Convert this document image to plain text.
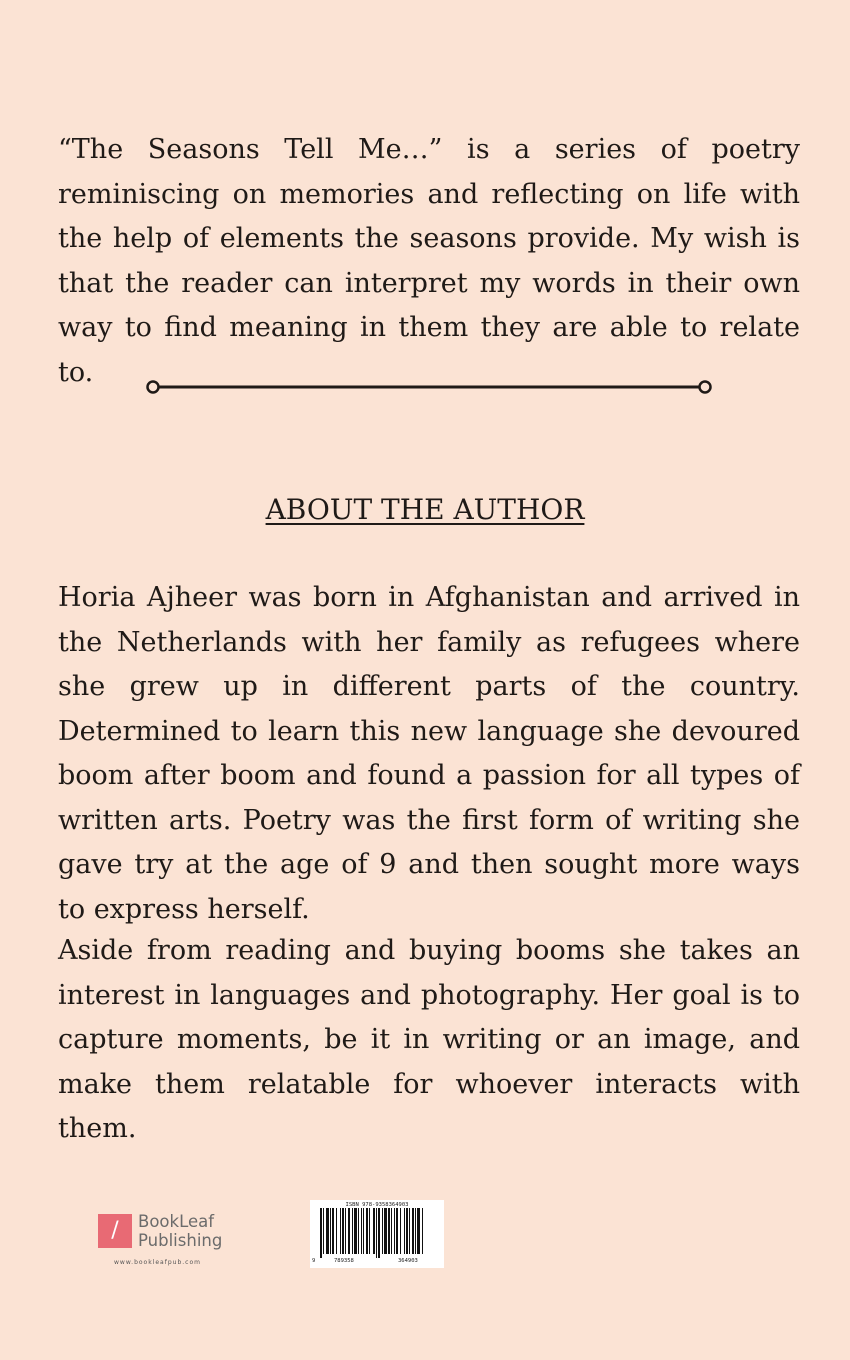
“The Seasons Tell Me…” is a series of poetry reminiscing on memories and reflecting on life with the help of elements the seasons provide. My wish is that the reader can interpret my words in their own way to find meaning in them they are able to relate to.

ABOUT THE AUTHOR

Horia Ajheer was born in Afghanistan and arrived in the Netherlands with her family as refugees where she grew up in different parts of the country. Determined to learn this new language she devoured boom after boom and found a passion for all types of written arts. Poetry was the first form of writing she gave try at the age of 9 and then sought more ways to express herself.

Aside from reading and buying booms she takes an interest in languages and photography. Her goal is to capture moments, be it in writing or an image, and make them relatable for whoever interacts with them.

/	BookLeaf
Publishing
www.bookleafpub.com
ISBN 978-9358364903
9	789358	364903
